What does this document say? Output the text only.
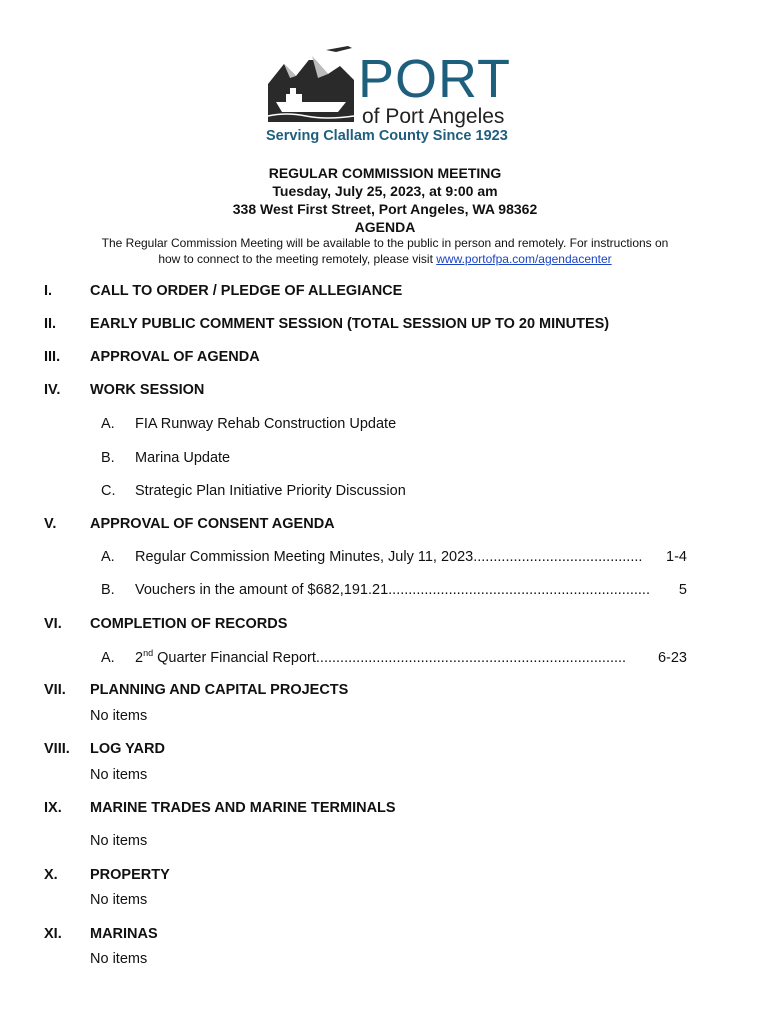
PORT
of Port Angeles
Serving Clallam County Since 1923

REGULAR COMMISSION MEETING

Tuesday, July 25, 2023, at 9:00 am

338 West First Street, Port Angeles, WA 98362

AGENDA

The Regular Commission Meeting will be available to the public in person and remotely. For instructions on
how to connect to the meeting remotely, please visit www.portofpa.com/agendacenter
I.	CALL TO ORDER / PLEDGE OF ALLEGIANCE
II. EARLY PUBLIC COMMENT SESSION (TOTAL SESSION UP TO 20 MINUTES)
III. APPROVAL OF AGENDA
IV. WORK SESSION
A. FIA Runway Rehab Construction Update
B. Marina Update
C. Strategic Plan Initiative Priority Discussion
V. APPROVAL OF CONSENT AGENDA
A. Regular Commission Meeting Minutes, July 11, 2023.......................................... 1-4
B. Vouchers in the amount of $682,191.21................................................................. 5
VI. COMPLETION OF RECORDS
A. 2nd Quarter Financial Report............................................................................. 6-23
VII. PLANNING AND CAPITAL PROJECTS
No items
VIII. LOG YARD
No items
IX. MARINE TRADES AND MARINE TERMINALS
No items
X. PROPERTY
No items
XI. MARINAS
No items
